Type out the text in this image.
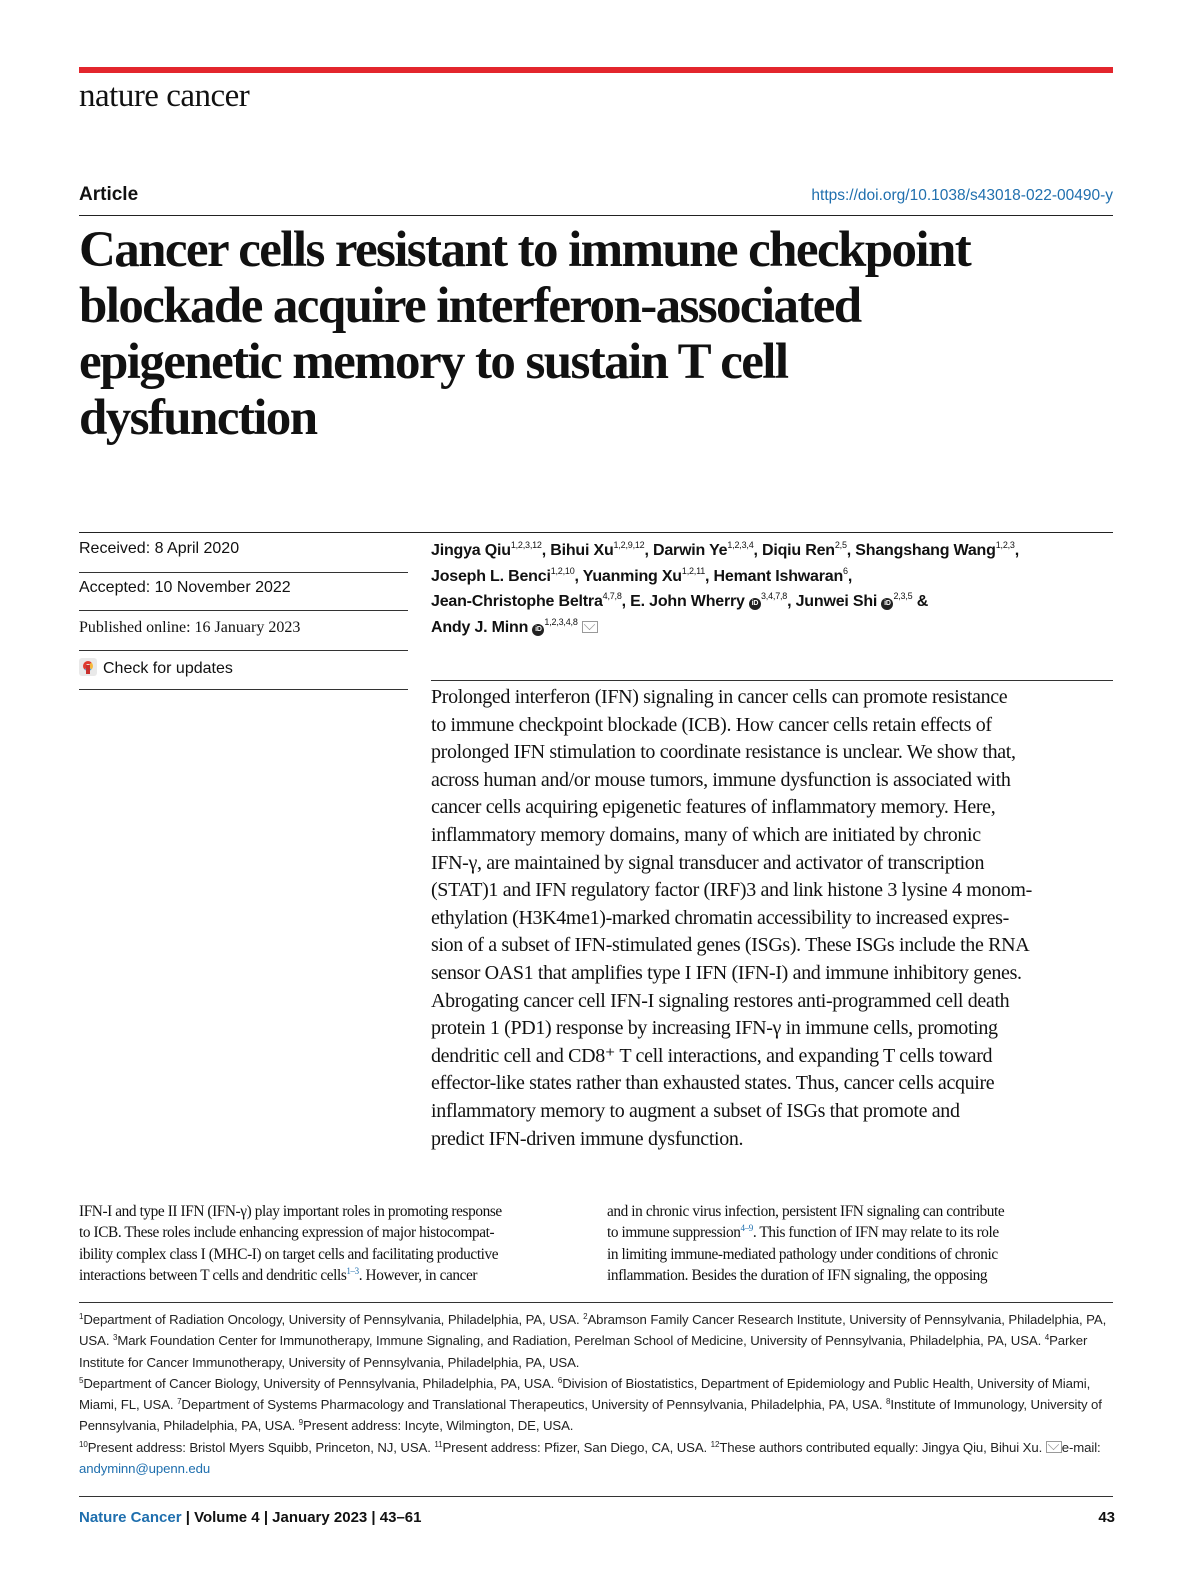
nature cancer
Article	https://doi.org/10.1038/s43018-022-00490-y
Cancer cells resistant to immune checkpoint
blockade acquire interferon-associated
epigenetic memory to sustain T cell
dysfunction
Received: 8 April 2020
Accepted: 10 November 2022
Published online: 16 January 2023
Check for updates
Jingya Qiu$^{1,2,3,12}$, Bihui Xu$^{1,2,9,12}$, Darwin Ye$^{1,2,3,4}$, Diqiu Ren$^{2,5}$, Shangshang Wang$^{1,2,3}$,
Joseph L. Benci$^{1,2,10}$, Yuanming Xu$^{1,2,11}$, Hemant Ishwaran$^6$,
Jean-Christophe Beltra$^{4,7,8}$, E. John Wherry iD$^{3,4,7,8}$, Junwei Shi iD$^{2,3,5}$ &
Andy J. Minn iD$^{1,2,3,4,8}$

Prolonged interferon (IFN) signaling in cancer cells can promote resistance
to immune checkpoint blockade (ICB). How cancer cells retain effects of
prolonged IFN stimulation to coordinate resistance is unclear. We show that,
across human and/or mouse tumors, immune dysfunction is associated with
cancer cells acquiring epigenetic features of inflammatory memory. Here,
inflammatory memory domains, many of which are initiated by chronic
IFN-γ, are maintained by signal transducer and activator of transcription
(STAT)1 and IFN regulatory factor (IRF)3 and link histone 3 lysine 4 monom-
ethylation (H3K4me1)-marked chromatin accessibility to increased expres-
sion of a subset of IFN-stimulated genes (ISGs). These ISGs include the RNA
sensor OAS1 that amplifies type I IFN (IFN-I) and immune inhibitory genes.
Abrogating cancer cell IFN-I signaling restores anti-programmed cell death
protein 1 (PD1) response by increasing IFN-γ in immune cells, promoting
dendritic cell and CD8⁺ T cell interactions, and expanding T cells toward
effector-like states rather than exhausted states. Thus, cancer cells acquire
inflammatory memory to augment a subset of ISGs that promote and
predict IFN-driven immune dysfunction.

IFN-I and type II IFN (IFN-γ) play important roles in promoting response
to ICB. These roles include enhancing expression of major histocompat-
ibility complex class I (MHC-I) on target cells and facilitating productive
interactions between T cells and dendritic cells$^{1-3}$. However, in cancer

and in chronic virus infection, persistent IFN signaling can contribute
to immune suppression$^{4-9}$. This function of IFN may relate to its role
in limiting immune-mediated pathology under conditions of chronic
inflammation. Besides the duration of IFN signaling, the opposing

$^1$Department of Radiation Oncology, University of Pennsylvania, Philadelphia, PA, USA. $^2$Abramson Family Cancer Research Institute, University of Pennsylvania, Philadelphia, PA, USA. $^3$Mark Foundation Center for Immunotherapy, Immune Signaling, and Radiation, Perelman School of Medicine, University of Pennsylvania, Philadelphia, PA, USA. $^4$Parker Institute for Cancer Immunotherapy, University of Pennsylvania, Philadelphia, PA, USA.
$^5$Department of Cancer Biology, University of Pennsylvania, Philadelphia, PA, USA. $^6$Division of Biostatistics, Department of Epidemiology and Public Health, University of Miami, Miami, FL, USA. $^7$Department of Systems Pharmacology and Translational Therapeutics, University of Pennsylvania, Philadelphia, PA, USA. $^8$Institute of Immunology, University of Pennsylvania, Philadelphia, PA, USA. $^9$Present address: Incyte, Wilmington, DE, USA.
$^{10}$Present address: Bristol Myers Squibb, Princeton, NJ, USA. $^{11}$Present address: Pfizer, San Diego, CA, USA. $^{12}$These authors contributed equally: Jingya Qiu, Bihui Xu. e-mail: andyminn@upenn.edu

Nature Cancer | Volume 4 | January 2023 | 43–61	43
